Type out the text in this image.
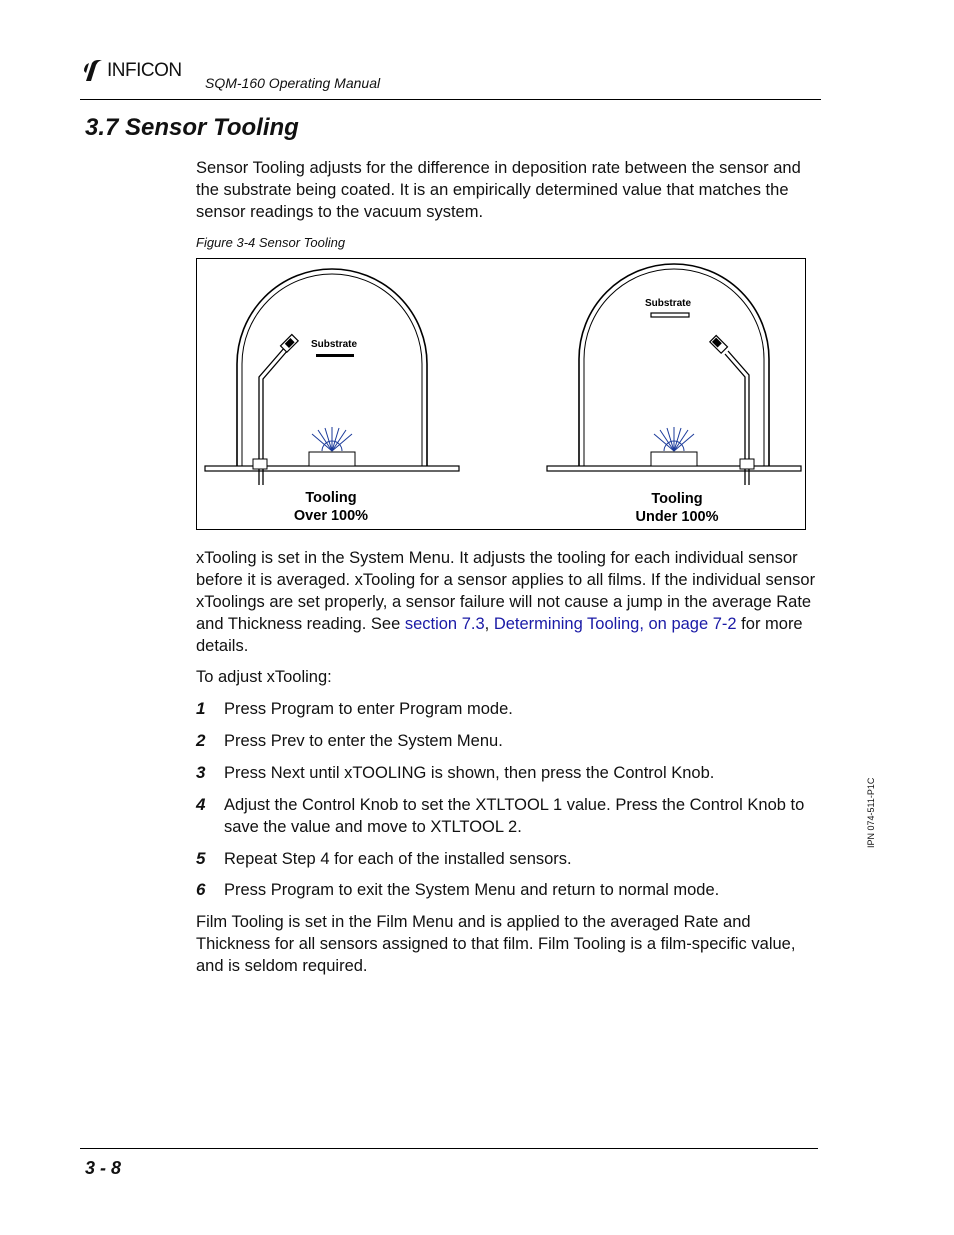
INFICON
SQM-160 Operating Manual
3.7 Sensor Tooling
Sensor Tooling adjusts for the difference in deposition rate between the sensor and the substrate being coated. It is an empirically determined value that matches the sensor readings to the vacuum system.
Figure 3-4 Sensor Tooling
Substrate
Tooling
Over 100%
Substrate
Tooling
Under 100%
xTooling is set in the System Menu. It adjusts the tooling for each individual sensor before it is averaged. xTooling for a sensor applies to all films. If the individual sensor xToolings are set properly, a sensor failure will not cause a jump in the average Rate and Thickness reading. See section 7.3, Determining Tooling, on page 7-2 for more details.
To adjust xTooling:
1 Press Program to enter Program mode.
2 Press Prev to enter the System Menu.
3 Press Next until xTOOLING is shown, then press the Control Knob.
4 Adjust the Control Knob to set the XTLTOOL 1 value. Press the Control Knob to save the value and move to XTLTOOL 2.
5 Repeat Step 4 for each of the installed sensors.
6 Press Program to exit the System Menu and return to normal mode.
Film Tooling is set in the Film Menu and is applied to the averaged Rate and Thickness for all sensors assigned to that film. Film Tooling is a film-specific value, and is seldom required.
IPN 074-511-P1C
3 - 8
